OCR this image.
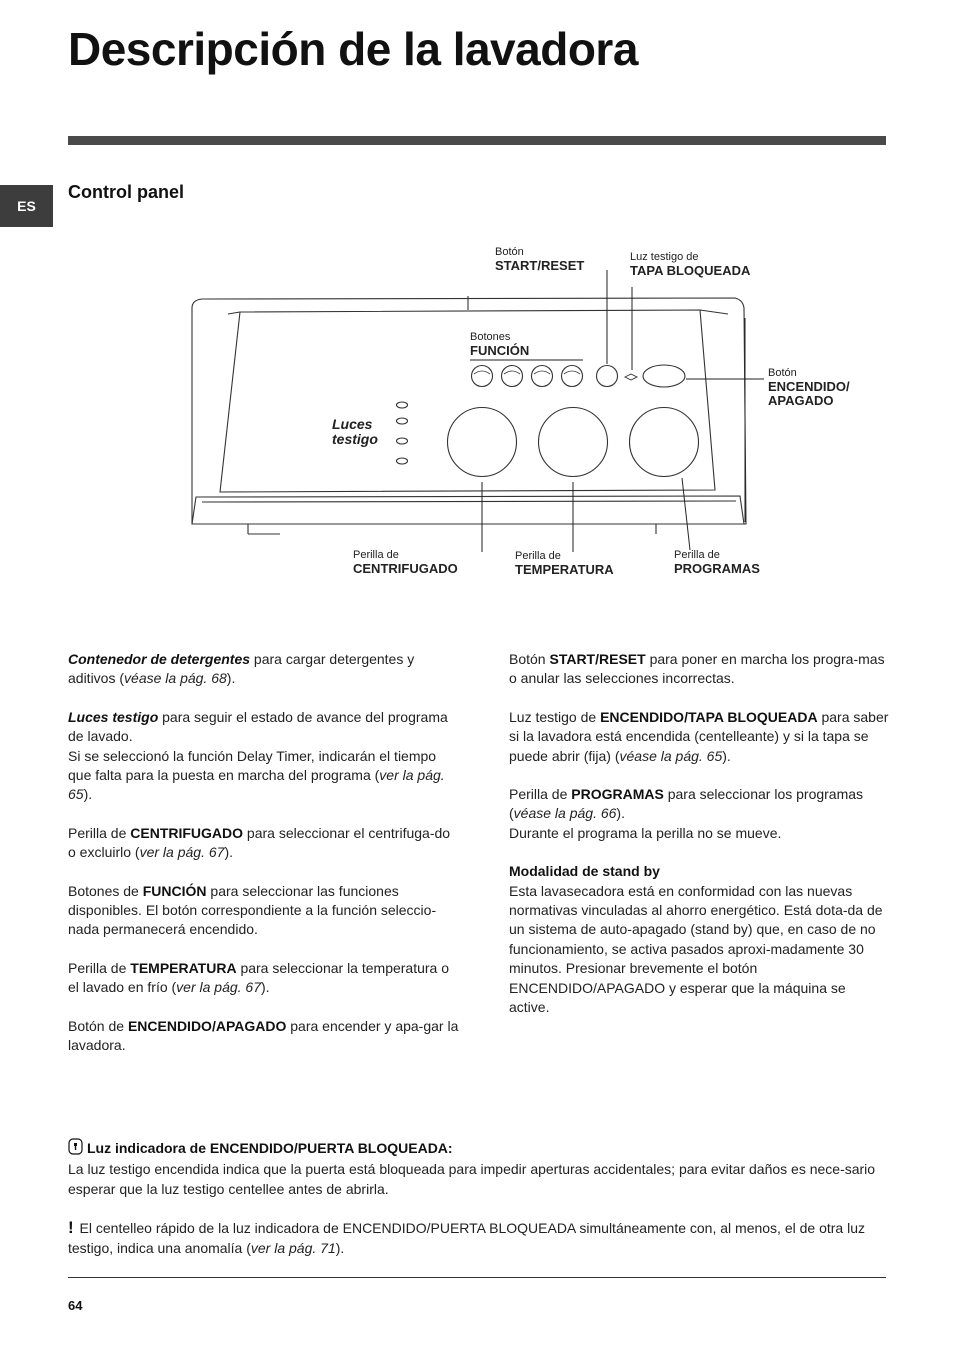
Descripción de la lavadora
ES
Control panel
Botón
START/RESET
Luz testigo de
TAPA BLOQUEADA
Botones
FUNCIÓN
Botón
ENCENDIDO/
APAGADO
Luces
testigo
Perilla de
CENTRIFUGADO
Perilla de
TEMPERATURA
Perilla de
PROGRAMAS

Contenedor de detergentes para cargar detergentes y aditivos (véase la pág. 68).

Luces testigo para seguir el estado de avance del programa de lavado.
Si se seleccionó la función Delay Timer, indicarán el tiempo que falta para la puesta en marcha del programa (ver la pág. 65).

Perilla de CENTRIFUGADO para seleccionar el centrifuga-do o excluirlo (ver la pág. 67).

Botones de FUNCIÓN para seleccionar las funciones disponibles. El botón correspondiente a la función seleccio-nada permanecerá encendido.

Perilla de TEMPERATURA para seleccionar la temperatura o el lavado en frío (ver la pág. 67).

Botón de ENCENDIDO/APAGADO para encender y apa-gar la lavadora.

Botón START/RESET para poner en marcha los progra-mas o anular las selecciones incorrectas.

Luz testigo de ENCENDIDO/TAPA BLOQUEADA para saber si la lavadora está encendida (centelleante) y si la tapa se puede abrir (fija) (véase la pág. 65).

Perilla de PROGRAMAS para seleccionar los programas (véase la pág. 66).
Durante el programa la perilla no se mueve.

Modalidad de stand by
Esta lavasecadora está en conformidad con las nuevas normativas vinculadas al ahorro energético. Está dota-da de un sistema de auto-apagado (stand by) que, en caso de no funcionamiento, se activa pasados aproxi-madamente 30 minutos. Presionar brevemente el botón ENCENDIDO/APAGADO y esperar que la máquina se active.

Luz indicadora de ENCENDIDO/PUERTA BLOQUEADA:
La luz testigo encendida indica que la puerta está bloqueada para impedir aperturas accidentales; para evitar daños es nece-sario esperar que la luz testigo centellee antes de abrirla.

! El centelleo rápido de la luz indicadora de ENCENDIDO/PUERTA BLOQUEADA simultáneamente con, al menos, el de otra luz testigo, indica una anomalía (ver la pág. 71).

64
